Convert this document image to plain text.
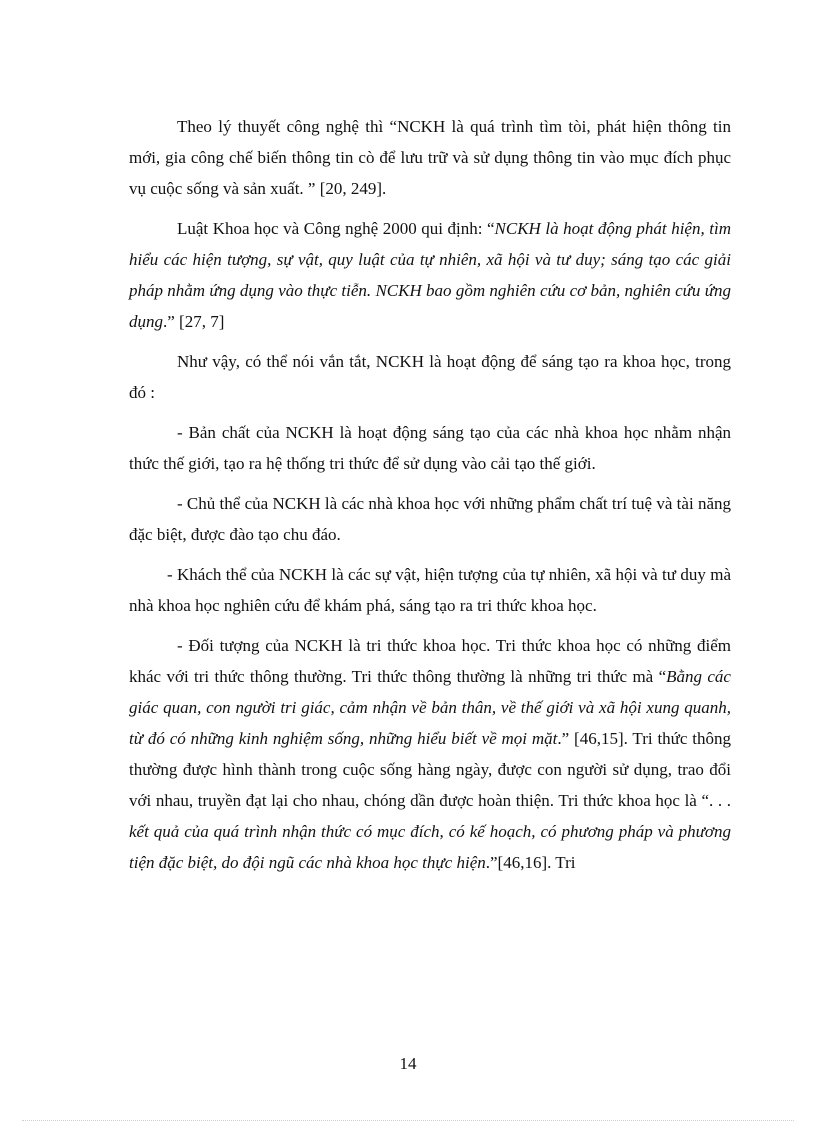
Theo lý thuyết công nghệ thì “NCKH là quá trình tìm tòi, phát hiện thông tin mới, gia công chế biến thông tin cò để lưu trữ và sử dụng thông tin vào mục đích phục vụ cuộc sống và sản xuất. ” [20, 249].

Luật Khoa học và Công nghệ 2000 qui định: “NCKH là hoạt động phát hiện, tìm hiểu các hiện tượng, sự vật, quy luật của tự nhiên, xã hội và tư duy; sáng tạo các giải pháp nhằm ứng dụng vào thực tiễn. NCKH bao gồm nghiên cứu cơ bản, nghiên cứu ứng dụng.” [27, 7]

Như vậy, có thể nói vắn tắt, NCKH là hoạt động để sáng tạo ra khoa học, trong đó :

- Bản chất của NCKH là hoạt động sáng tạo của các nhà khoa học nhằm nhận thức thế giới, tạo ra hệ thống tri thức để sử dụng vào cải tạo thế giới.

- Chủ thể của NCKH là các nhà khoa học với những phẩm chất trí tuệ và tài năng đặc biệt, được đào tạo chu đáo.

- Khách thể của NCKH là các sự vật, hiện tượng của tự nhiên, xã hội và tư duy mà nhà khoa học nghiên cứu để khám phá, sáng tạo ra tri thức khoa học.

- Đối tượng của NCKH là tri thức khoa học. Tri thức khoa học có những điểm khác với tri thức thông thường. Tri thức thông thường là những tri thức mà “Bằng các giác quan, con người tri giác, cảm nhận về bản thân, về thế giới và xã hội xung quanh, từ đó có những kinh nghiệm sống, những hiểu biết về mọi mặt.” [46,15]. Tri thức thông thường được hình thành trong cuộc sống hàng ngày, được con người sử dụng, trao đổi với nhau, truyền đạt lại cho nhau, chóng dần được hoàn thiện. Tri thức khoa học là “. . . kết quả của quá trình nhận thức có mục đích, có kế hoạch, có phương pháp và phương tiện đặc biệt, do đội ngũ các nhà khoa học thực hiện.”[46,16]. Tri

14
